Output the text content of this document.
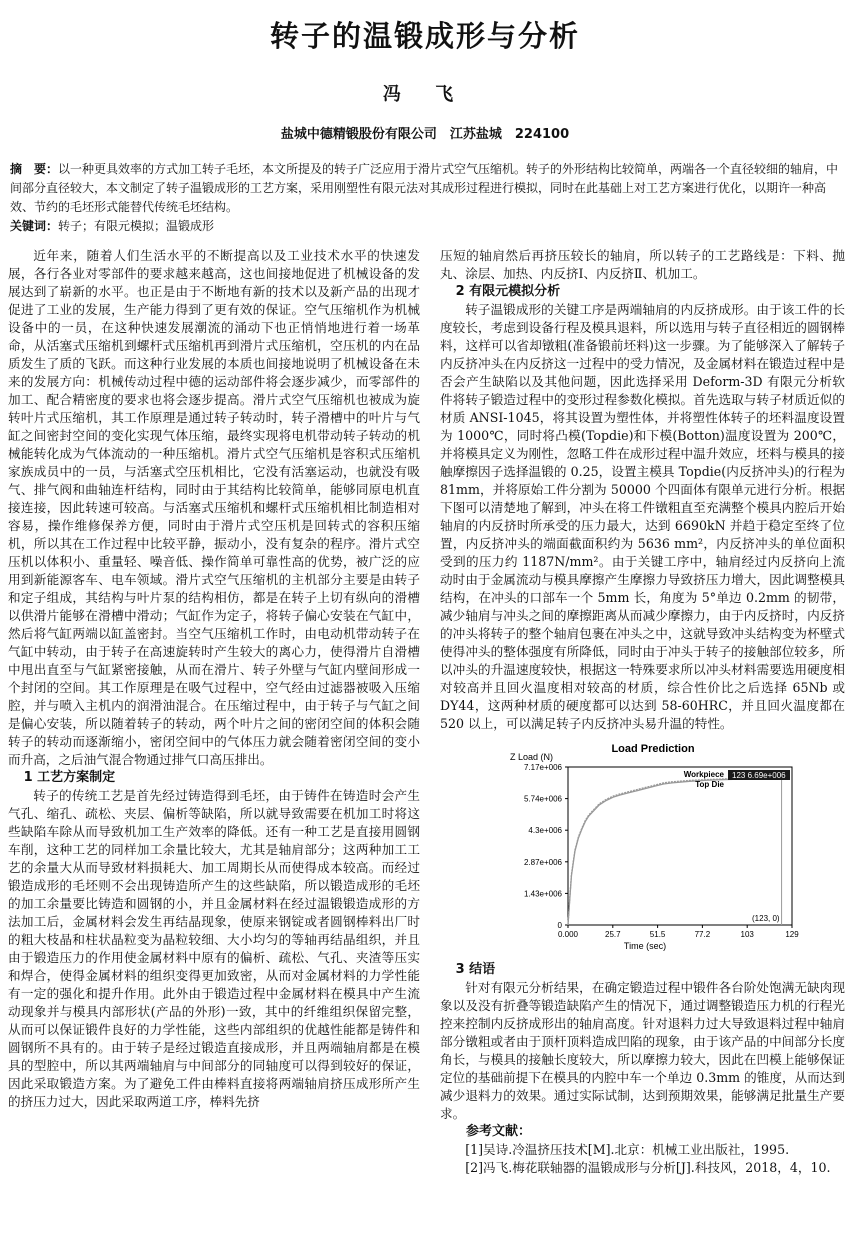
转子的温锻成形与分析
冯 飞
盐城中德精锻股份有限公司　江苏盐城　224100
摘　要：以一种更具效率的方式加工转子毛坯，本文所提及的转子广泛应用于滑片式空气压缩机。转子的外形结构比较简单，两端各一个直径较细的轴肩，中间部分直径较大，本文制定了转子温锻成形的工艺方案，采用刚塑性有限元法对其成形过程进行模拟，同时在此基础上对工艺方案进行优化，以期许一种高效、节约的毛坯形式能替代传统毛坯结构。
关键词：转子；有限元模拟；温锻成形

近年来，随着人们生活水平的不断提高以及工业技术水平的快速发展，各行各业对零部件的要求越来越高，这也间接地促进了机械设备的发展达到了崭新的水平。也正是由于不断地有新的技术以及新产品的出现才促进了工业的发展，生产能力得到了更有效的保证。空气压缩机作为机械设备中的一员，在这种快速发展潮流的涌动下也正悄悄地进行着一场革命，从活塞式压缩机到螺杆式压缩机再到滑片式压缩机，空压机的内在品质发生了质的飞跃。而这种行业发展的本质也间接地说明了机械设备在未来的发展方向：机械传动过程中德的运动部件将会逐步减少，而零部件的加工、配合精密度的要求也将会逐步提高。滑片式空气压缩机也被成为旋转叶片式压缩机，其工作原理是通过转子转动时，转子滑槽中的叶片与气缸之间密封空间的变化实现气体压缩，最终实现将电机带动转子转动的机械能转化成为气体流动的一种压缩机。滑片式空气压缩机是容积式压缩机家族成员中的一员，与活塞式空压机相比，它没有活塞运动，也就没有吸气、排气阀和曲轴连杆结构，同时由于其结构比较简单，能够同原电机直接连接，因此转速可较高。与活塞式压缩机和螺杆式压缩机相比制造相对容易，操作维修保养方便，同时由于滑片式空压机是回转式的容积压缩机，所以其在工作过程中比较平静，振动小，没有复杂的程序。滑片式空压机以体积小、重量轻、噪音低、操作简单可靠性高的优势，被广泛的应用到新能源客车、电车领域。滑片式空气压缩机的主机部分主要是由转子和定子组成，其结构与叶片泵的结构相仿，都是在转子上切有纵向的滑槽以供滑片能够在滑槽中滑动；气缸作为定子，将转子偏心安装在气缸中，然后将气缸两端以缸盖密封。当空气压缩机工作时，由电动机带动转子在气缸中转动，由于转子在高速旋转时产生较大的离心力，使得滑片自滑槽中甩出直至与气缸紧密接触，从而在滑片、转子外壁与气缸内壁间形成一个封闭的空间。其工作原理是在吸气过程中，空气经由过滤器被吸入压缩腔，并与喷入主机内的润滑油混合。在压缩过程中，由于转子与气缸之间是偏心安装，所以随着转子的转动，两个叶片之间的密闭空间的体积会随转子的转动而逐渐缩小，密闭空间中的气体压力就会随着密闭空间的变小而升高，之后油气混合物通过排气口高压排出。

1 工艺方案制定

转子的传统工艺是首先经过铸造得到毛坯，由于铸件在铸造时会产生气孔、缩孔、疏松、夹层、偏析等缺陷，所以就导致需要在机加工时将这些缺陷车除从而导致机加工生产效率的降低。还有一种工艺是直接用圆钢车削，这种工艺的同样加工余量比较大，尤其是轴肩部分；这两种加工工艺的余量大从而导致材料损耗大、加工周期长从而使得成本较高。而经过锻造成形的毛坯则不会出现铸造所产生的这些缺陷，所以锻造成形的毛坯的加工余量要比铸造和圆钢的小，并且金属材料在经过温锻锻造成形的方法加工后，金属材料会发生再结晶现象，使原来钢锭或者圆钢棒料出厂时的粗大枝晶和柱状晶粒变为晶粒较细、大小均匀的等轴再结晶组织，并且由于锻造压力的作用使金属材料中原有的偏析、疏松、气孔、夹渣等压实和焊合，使得金属材料的组织变得更加致密，从而对金属材料的力学性能有一定的强化和提升作用。此外由于锻造过程中金属材料在模具中产生流动现象并与模具内部形状(产品的外形)一致，其中的纤维组织保留完整，从而可以保证锻件良好的力学性能，这些内部组织的优越性能都是铸件和圆钢所不具有的。由于转子是经过锻造直接成形，并且两端轴肩都是在模具的型腔中，所以其两端轴肩与中间部分的同轴度可以得到较好的保证，因此采取锻造方案。为了避免工件由棒料直接将两端轴肩挤压成形所产生的挤压力过大，因此采取两道工序，棒料先挤

压短的轴肩然后再挤压较长的轴肩，所以转子的工艺路线是：下料、抛丸、涂层、加热、内反挤Ⅰ、内反挤Ⅱ、机加工。

2 有限元模拟分析

转子温锻成形的关键工序是两端轴肩的内反挤成形。由于该工件的长度较长，考虑到设备行程及模具退料，所以选用与转子直径相近的圆钢棒料，这样可以省却镦粗(准备锻前坯料)这一步骤。为了能够深入了解转子内反挤冲头在内反挤这一过程中的受力情况，及金属材料在锻造过程中是否会产生缺陷以及其他问题，因此选择采用 Deform-3D 有限元分析软件将转子锻造过程中的变形过程参数化模拟。首先选取与转子材质近似的材质 ANSI-1045，将其设置为塑性体，并将塑性体转子的坯料温度设置为 1000℃，同时将凸模(Topdie)和下模(Botton)温度设置为 200℃，并将模具定义为刚性，忽略工件在成形过程中温升效应，坯料与模具的接触摩擦因子选择温锻的 0.25，设置主模具 Topdie(内反挤冲头)的行程为 81mm，并将原始工件分割为 50000 个四面体有限单元进行分析。根据下图可以清楚地了解到，冲头在将工件镦粗直至充满整个模具内腔后开始轴肩的内反挤时所承受的压力最大，达到 6690kN 并趋于稳定至终了位置，内反挤冲头的端面截面积约为 5636 mm²，内反挤冲头的单位面积受到的压力约 1187N/mm²。由于关键工序中，轴肩经过内反挤向上流动时由于金属流动与模具摩擦产生摩擦力导致挤压力增大，因此调整模具结构，在冲头的口部车一个 5mm 长，角度为 5°单边 0.2mm 的韧带，减少轴肩与冲头之间的摩擦距离从而减少摩擦力，由于内反挤时，内反挤的冲头将转子的整个轴肩包裹在冲头之中，这就导致冲头结构变为杯壁式使得冲头的整体强度有所降低，同时由于冲头于转子的接触部位较多，所以冲头的升温速度较快，根据这一特殊要求所以冲头材料需要选用硬度相对较高并且回火温度相对较高的材质，综合性价比之后选择 65Nb 或 DY44，这两种材质的硬度都可以达到 58-60HRC，并且回火温度都在 520 以上，可以满足转子内反挤冲头易升温的特性。

Load Prediction
Z Load (N)
Time (sec)
0
1.43e+006
2.87e+006
4.3e+006
5.74e+006
7.17e+006
0.000	25.7	51.5	77.2	103	129
(123, 0)
Workpiece
Top Die
123 6.69e+006
3 结语

针对有限元分析结果，在确定锻造过程中锻件各台阶处饱满无缺肉现象以及没有折叠等锻造缺陷产生的情况下，通过调整锻造压力机的行程光控来控制内反挤成形出的轴肩高度。针对退料力过大导致退料过程中轴肩部分镦粗或者由于顶杆顶料造成凹陷的现象，由于该产品的中间部分长度角长，与模具的接触长度较大，所以摩擦力较大，因此在凹模上能够保证定位的基础前提下在模具的内腔中车一个单边 0.3mm 的锥度，从而达到减少退料力的效果。通过实际试制，达到预期效果，能够满足批量生产要求。

参考文献：
[1]吴诗.冷温挤压技术[M].北京：机械工业出版社，1995.
[2]冯飞.梅花联轴器的温锻成形与分析[J].科技风，2018，4，10.
